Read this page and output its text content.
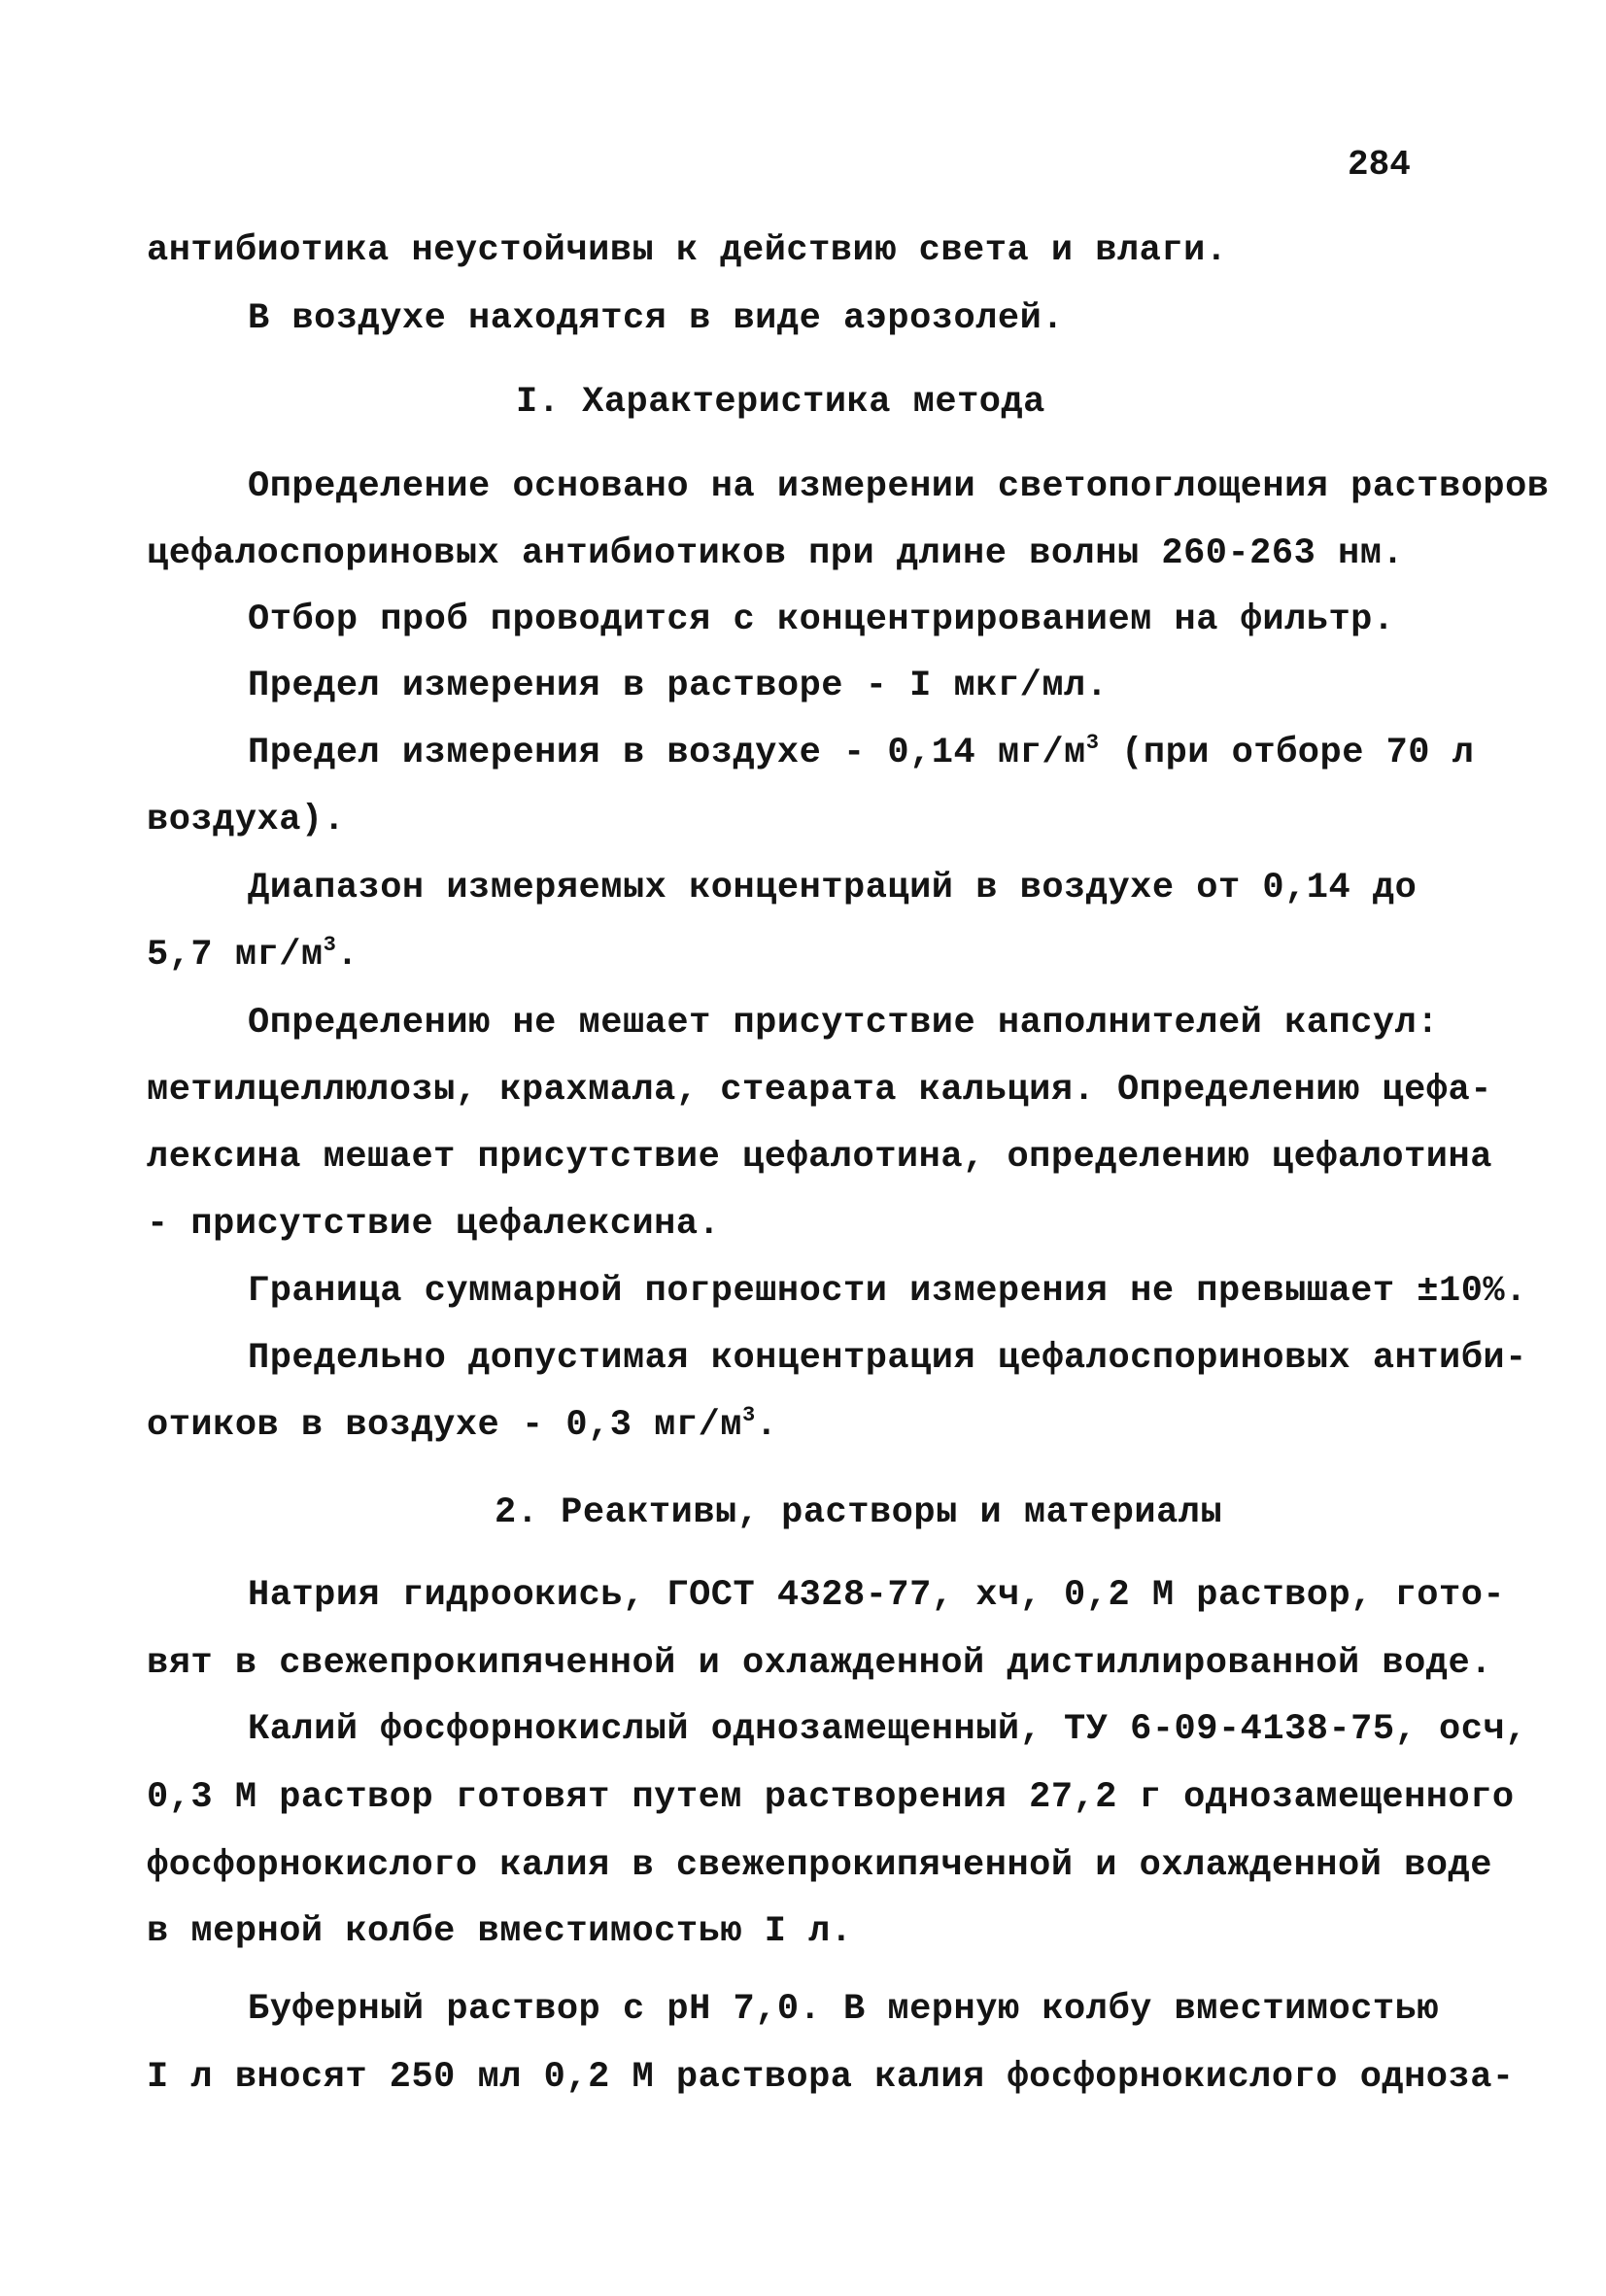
284
антибиотика неустойчивы к действию света и влаги.
В воздухе находятся в виде аэрозолей.
I. Характеристика метода
Определение основано на измерении светопоглощения растворов
цефалоспориновых антибиотиков при длине волны 260-263 нм.
Отбор проб проводится с концентрированием на фильтр.
Предел измерения в растворе - I мкг/мл.
Предел измерения в воздухе - 0,14 $мг/м^3$ (при отборе 70 л
воздуха).
Диапазон измеряемых концентраций в воздухе от 0,14 до
5,7 $мг/м^3$.
Определению не мешает присутствие наполнителей капсул:
метилцеллюлозы, крахмала, стеарата кальция. Определению цефа-
лексина мешает присутствие цефалотина, определению цефалотина
- присутствие цефалексина.
Граница суммарной погрешности измерения не превышает ±10%.
Предельно допустимая концентрация цефалоспориновых антиби-
отиков в воздухе - 0,3 $мг/м^3$.
2. Реактивы, растворы и материалы
Натрия гидроокись, ГОСТ 4328-77, хч, 0,2 М раствор, гото-
вят в свежепрокипяченной и охлажденной дистиллированной воде.
Калий фосфорнокислый однозамещенный, ТУ 6-09-4138-75, осч,
0,3 М раствор готовят путем растворения 27,2 г однозамещенного
фосфорнокислого калия в свежепрокипяченной и охлажденной воде
в мерной колбе вместимостью I л.
Буферный раствор с рН 7,0. В мерную колбу вместимостью
I л вносят 250 мл 0,2 М раствора калия фосфорнокислого одноза-
